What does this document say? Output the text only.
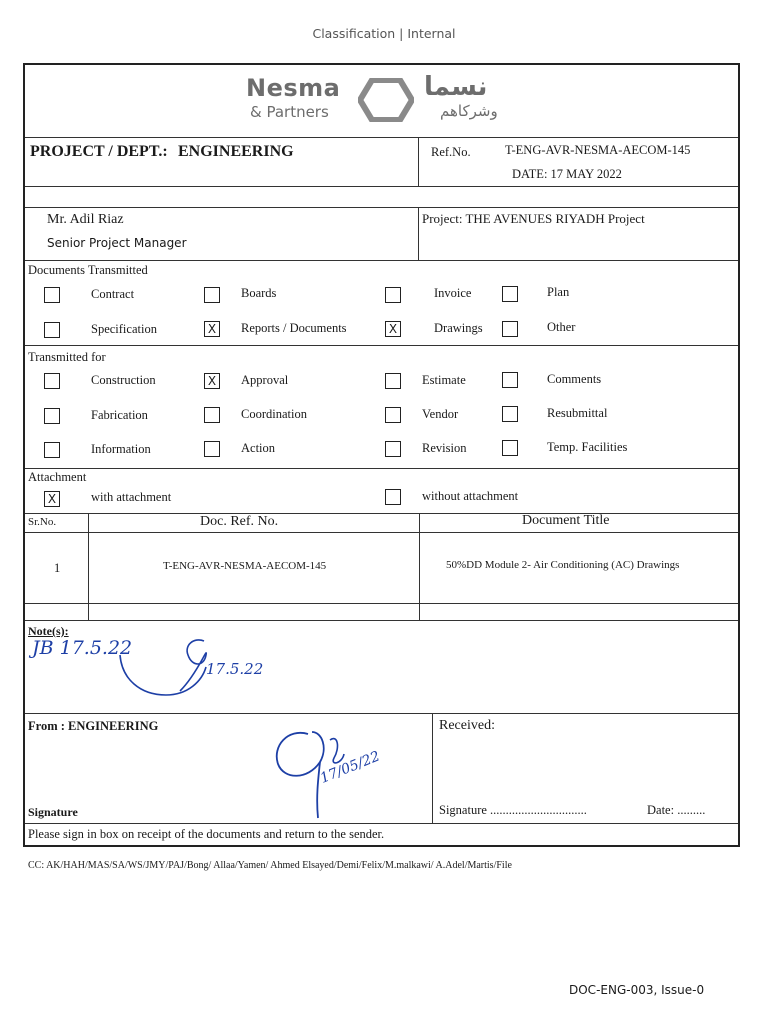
Classification | Internal
Nesma
& Partners
نسما
وشركاهم
PROJECT / DEPT.: ENGINEERING	Ref.No.	T-ENG-AVR-NESMA-AECOM-145
DATE: 17 MAY 2022
Mr. Adil Riaz
Senior Project Manager
Project: THE AVENUES RIYADH Project
Documents Transmitted
Contract	Boards	Invoice	Plan
Specification	X	Reports / Documents	X	Drawings	Other
Transmitted for
Construction	X	Approval	Estimate	Comments
Fabrication	Coordination	Vendor	Resubmittal
Information	Action	Revision	Temp. Facilities
Attachment
X	with attachment	without attachment
Sr.No.	Doc. Ref. No.	Document Title
1	T-ENG-AVR-NESMA-AECOM-145	50%DD Module 2- Air Conditioning (AC) Drawings
Note(s):
JB 17.5.22
17.5.22
From : ENGINEERING
Signature
Received:
Signature ...............................	Date: .........
17/05/22
Please sign in box on receipt of the documents and return to the sender.
CC: AK/HAH/MAS/SA/WS/JMY/PAJ/Bong/ Allaa/Yamen/ Ahmed Elsayed/Demi/Felix/M.malkawi/ A.Adel/Martis/File
DOC-ENG-003, Issue-0
